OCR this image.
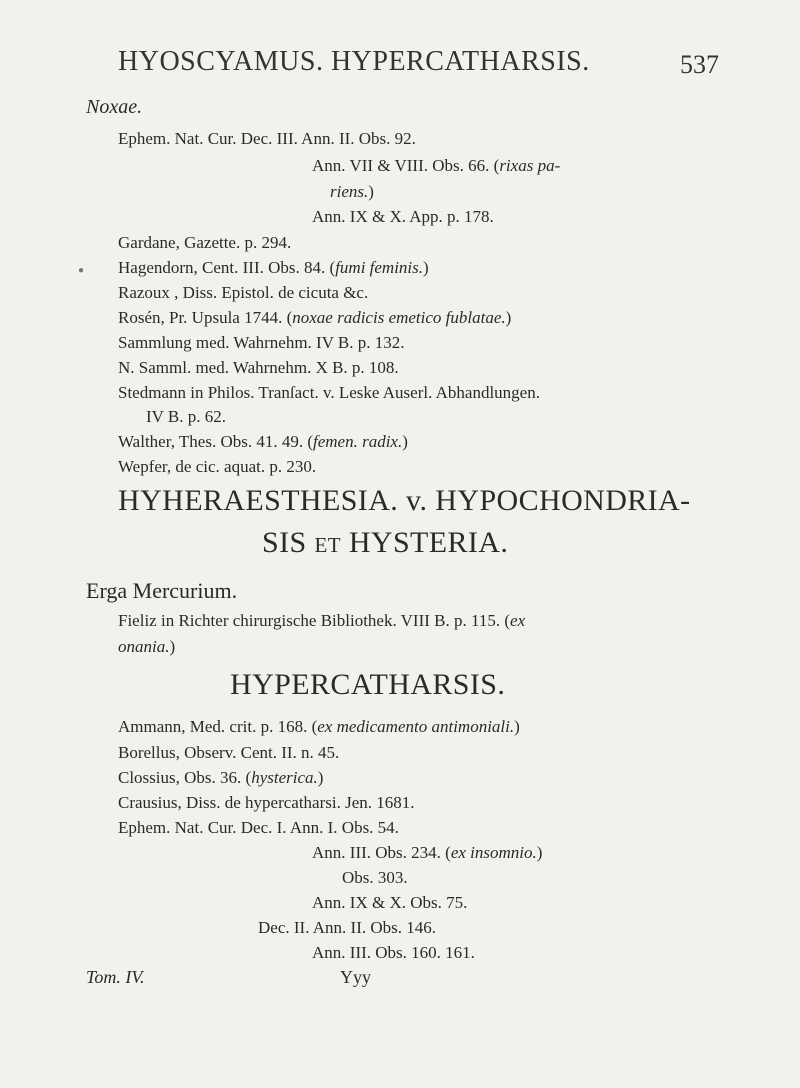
HYOSCYAMUS. HYPERCATHARSIS.	537
Noxae.
Ephem. Nat. Cur. Dec. III. Ann. II. Obs. 92.
Ann. VII & VIII. Obs. 66. (rixas pa-
riens.)
Ann. IX & X. App. p. 178.
Gardane, Gazette. p. 294.
Hagendorn, Cent. III. Obs. 84. (fumi feminis.)
Razoux , Diss. Epistol. de cicuta &c.
Rosén, Pr. Upsula 1744. (noxae radicis emetico fublatae.)
Sammlung med. Wahrnehm. IV B. p. 132.
N. Samml. med. Wahrnehm. X B. p. 108.
Stedmann in Philos. Tranſact. v. Leske Auserl. Abhandlungen.
IV B. p. 62.
Walther, Thes. Obs. 41. 49. (femen. radix.)
Wepfer, de cic. aquat. p. 230.
HYHERAESTHESIA. v. HYPOCHONDRIA-
SIS ET HYSTERIA.
Erga Mercurium.
Fieliz in Richter chirurgische Bibliothek. VIII B. p. 115. (ex
onania.)
HYPERCATHARSIS.
Ammann, Med. crit. p. 168. (ex medicamento antimoniali.)
Borellus, Observ. Cent. II. n. 45.
Clossius, Obs. 36. (hysterica.)
Crausius, Diss. de hypercatharsi. Jen. 1681.
Ephem. Nat. Cur. Dec. I. Ann. I. Obs. 54.
Ann. III. Obs. 234. (ex insomnio.)
Obs. 303.
Ann. IX & X. Obs. 75.
Dec. II. Ann. II. Obs. 146.
Ann. III. Obs. 160. 161.
Tom. IV.	Yyy
●
